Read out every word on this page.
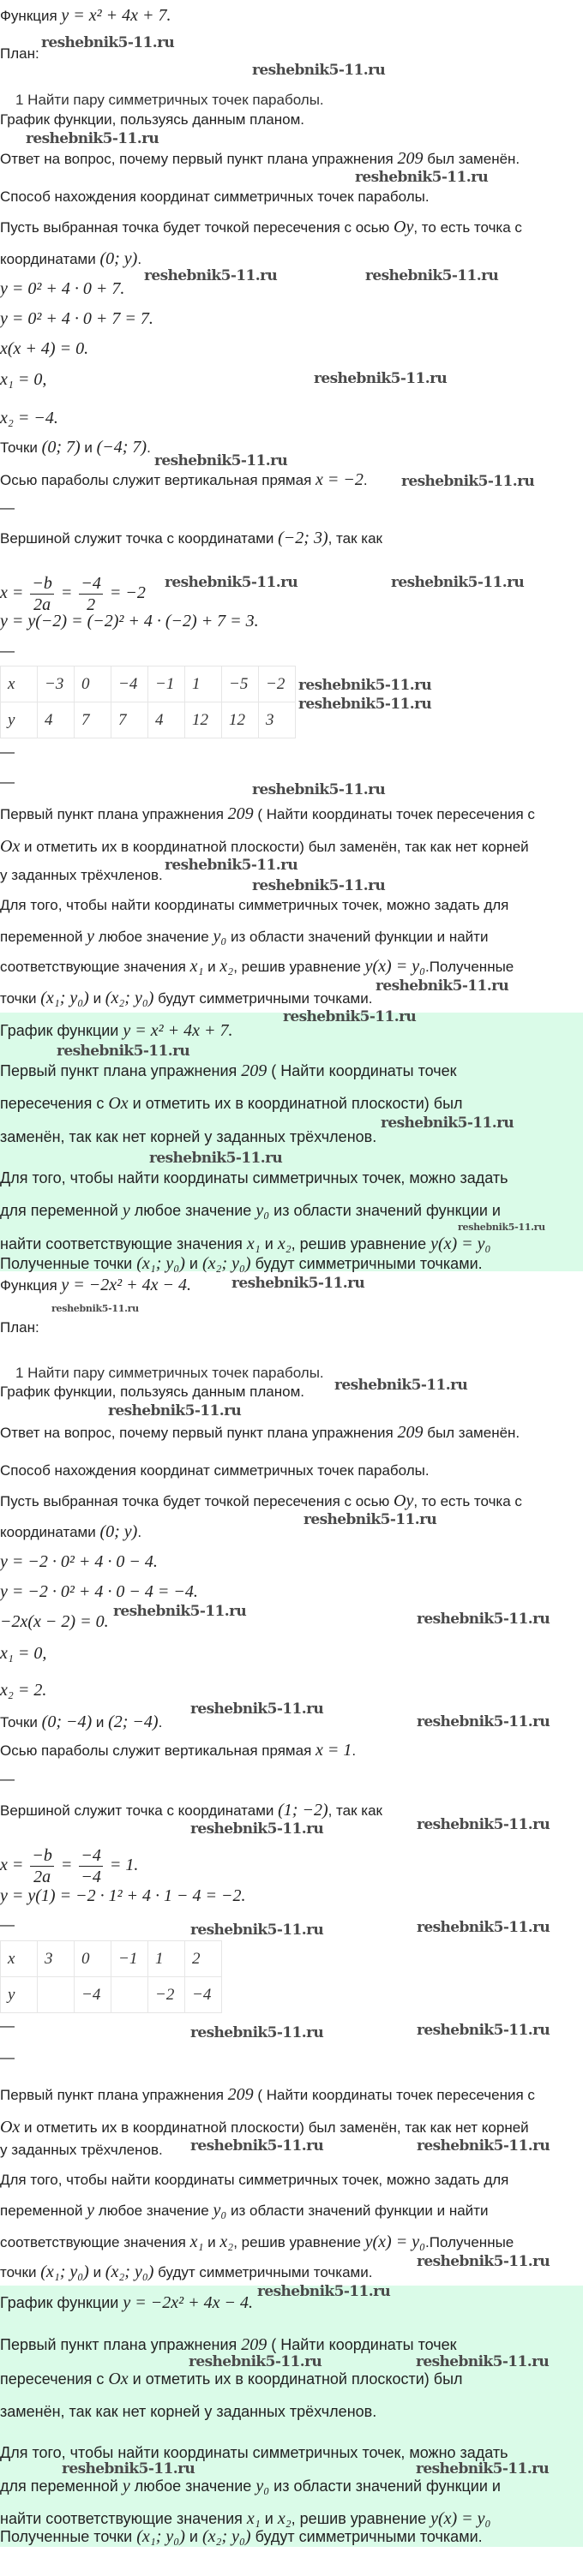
Функция y = x² + 4x + 7.
План:
1 Найти пару симметричных точек параболы.
График функции, пользуясь данным планом.
Ответ на вопрос, почему первый пункт плана упражнения 209 был заменён.
Способ нахождения координат симметричных точек параболы.
Пусть выбранная точка будет точкой пересечения с осью Oy, то есть точка с
координатами (0; y).
y = 0² + 4 · 0 + 7.
y = 0² + 4 · 0 + 7 = 7.
x(x + 4) = 0.
x₁ = 0,
x₂ = −4.
Точки (0; 7) и (−4; 7).
Осью параболы служит вертикальная прямая x = −2.
—
Вершиной служит точка с координатами (−2; 3), так как
$x = \frac{-b}{2a} = \frac{-4}{2} = -2$
y = y(−2) = (−2)² + 4 · (−2) + 7 = 3.
—
—
—
Первый пункт плана упражнения 209 ( Найти координаты точек пересечения с
Ox и отметить их в координатной плоскости) был заменён, так как нет корней
у заданных трёхчленов.
Для того, чтобы найти координаты симметричных точек, можно задать для
переменной y любое значение y₀ из области значений функции и найти
соответствующие значения x₁ и x₂, решив уравнение y(x) = y₀.Полученные
точки (x₁; y₀) и (x₂; y₀) будут симметричными точками.
x	−3	0	−4	−1	1	−5	−2
y	4	7	7	4	12	12	3
График функции y = x² + 4x + 7.
Первый пункт плана упражнения 209 ( Найти координаты точек
пересечения с Ox и отметить их в координатной плоскости) был
заменён, так как нет корней у заданных трёхчленов.
Для того, чтобы найти координаты симметричных точек, можно задать
для переменной y любое значение y₀ из области значений функции и
найти соответствующие значения x₁ и x₂, решив уравнение y(x) = y₀
Полученные точки (x₁; y₀) и (x₂; y₀) будут симметричными точками.
Функция y = −2x² + 4x − 4.
План:
1 Найти пару симметричных точек параболы.
График функции, пользуясь данным планом.
Ответ на вопрос, почему первый пункт плана упражнения 209 был заменён.
Способ нахождения координат симметричных точек параболы.
Пусть выбранная точка будет точкой пересечения с осью Oy, то есть точка с
координатами (0; y).
y = −2 · 0² + 4 · 0 − 4.
y = −2 · 0² + 4 · 0 − 4 = −4.
−2x(x − 2) = 0.
x₁ = 0,
x₂ = 2.
Точки (0; −4) и (2; −4).
Осью параболы служит вертикальная прямая x = 1.
—
Вершиной служит точка с координатами (1; −2), так как
$x = \frac{-b}{2a} = \frac{-4}{-4} = 1$.
y = y(1) = −2 · 1² + 4 · 1 − 4 = −2.
—
—
—
Первый пункт плана упражнения 209 ( Найти координаты точек пересечения с
Ox и отметить их в координатной плоскости) был заменён, так как нет корней
у заданных трёхчленов.
Для того, чтобы найти координаты симметричных точек, можно задать для
переменной y любое значение y₀ из области значений функции и найти
соответствующие значения x₁ и x₂, решив уравнение y(x) = y₀.Полученные
точки (x₁; y₀) и (x₂; y₀) будут симметричными точками.
x	3	0	−1	1	2
y		−4		−2	−4
График функции y = −2x² + 4x − 4.
Первый пункт плана упражнения 209 ( Найти координаты точек
пересечения с Ox и отметить их в координатной плоскости) был
заменён, так как нет корней у заданных трёхчленов.
Для того, чтобы найти координаты симметричных точек, можно задать
для переменной y любое значение y₀ из области значений функции и
найти соответствующие значения x₁ и x₂, решив уравнение y(x) = y₀
Полученные точки (x₁; y₀) и (x₂; y₀) будут симметричными точками.
reshebnik5-11.ru
reshebnik5-11.ru
reshebnik5-11.ru
reshebnik5-11.ru
reshebnik5-11.ru	reshebnik5-11.ru
reshebnik5-11.ru
reshebnik5-11.ru
reshebnik5-11.ru
reshebnik5-11.ru	reshebnik5-11.ru
reshebnik5-11.ru
reshebnik5-11.ru
reshebnik5-11.ru
reshebnik5-11.ru
reshebnik5-11.ru
reshebnik5-11.ru
reshebnik5-11.ru
reshebnik5-11.ru
reshebnik5-11.ru
reshebnik5-11.ru
reshebnik5-11.ru
reshebnik5-11.ru
reshebnik5-11.ru
reshebnik5-11.ru
reshebnik5-11.ru
reshebnik5-11.ru
reshebnik5-11.ru	reshebnik5-11.ru
reshebnik5-11.ru
reshebnik5-11.ru
reshebnik5-11.ru	reshebnik5-11.ru
reshebnik5-11.ru	reshebnik5-11.ru
reshebnik5-11.ru	reshebnik5-11.ru
reshebnik5-11.ru	reshebnik5-11.ru
reshebnik5-11.ru
reshebnik5-11.ru
reshebnik5-11.ru	reshebnik5-11.ru
reshebnik5-11.ru	reshebnik5-11.ru
